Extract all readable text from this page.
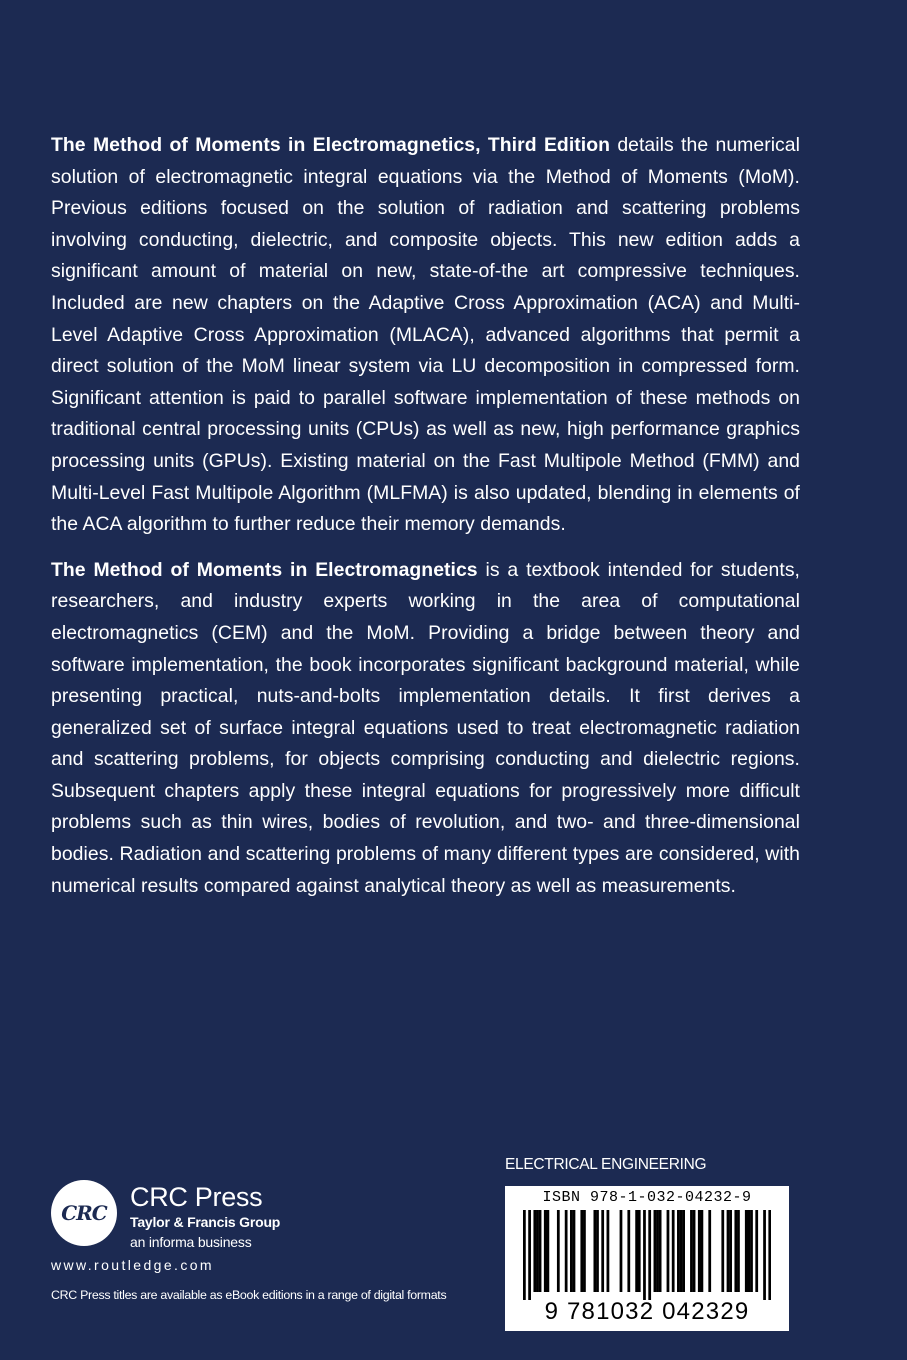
The Method of Moments in Electromagnetics, Third Edition details the numerical solution of electromagnetic integral equations via the Method of Moments (MoM). Previous editions focused on the solution of radiation and scattering problems involving conducting, dielectric, and composite objects. This new edition adds a significant amount of material on new, state-of-the art compressive techniques. Included are new chapters on the Adaptive Cross Approximation (ACA) and Multi-Level Adaptive Cross Approximation (MLACA), advanced algorithms that permit a direct solution of the MoM linear system via LU decomposition in compressed form. Significant attention is paid to parallel software implementation of these methods on traditional central processing units (CPUs) as well as new, high performance graphics processing units (GPUs). Existing material on the Fast Multipole Method (FMM) and Multi-Level Fast Multipole Algorithm (MLFMA) is also updated, blending in elements of the ACA algorithm to further reduce their memory demands.

The Method of Moments in Electromagnetics is a textbook intended for students, researchers, and industry experts working in the area of computational electromagnetics (CEM) and the MoM. Providing a bridge between theory and software implementation, the book incorporates significant background material, while presenting practical, nuts-and-bolts implementation details. It first derives a generalized set of surface integral equations used to treat electromagnetic radiation and scattering problems, for objects comprising conducting and dielectric regions. Subsequent chapters apply these integral equations for progressively more difficult problems such as thin wires, bodies of revolution, and two- and three-dimensional bodies. Radiation and scattering problems of many different types are considered, with numerical results compared against analytical theory as well as measurements.

CRC
CRC Press
Taylor & Francis Group
an informa business
www.routledge.com
CRC Press titles are available as eBook editions in a range of digital formats
ELECTRICAL ENGINEERING
ISBN 978-1-032-04232-9
9 781032 042329
